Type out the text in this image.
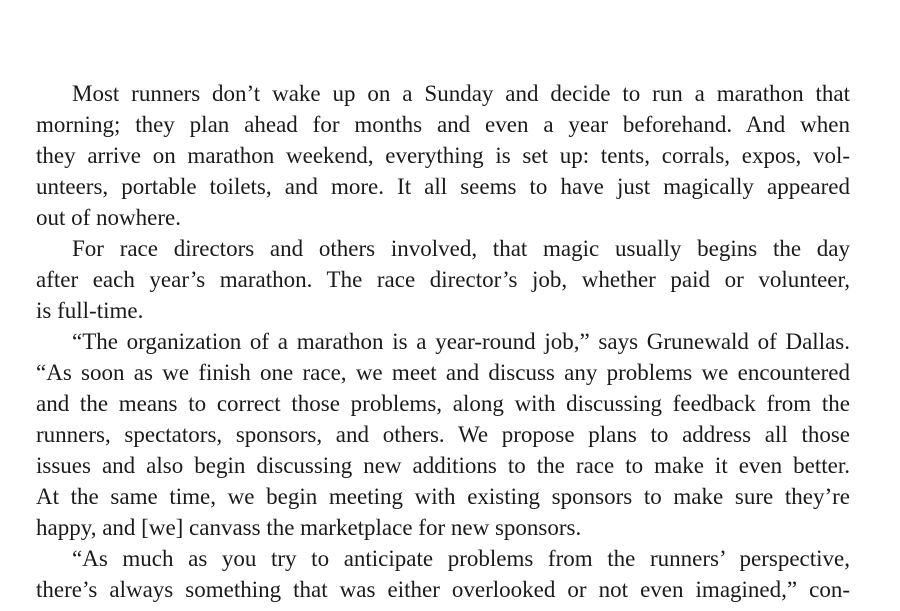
Most runners don’t wake up on a Sunday and decide to run a marathon that
morning; they plan ahead for months and even a year beforehand. And when
they arrive on marathon weekend, everything is set up: tents, corrals, expos, vol-
unteers, portable toilets, and more. It all seems to have just magically appeared
out of nowhere.

For race directors and others involved, that magic usually begins the day
after each year’s marathon. The race director’s job, whether paid or volunteer,
is full-time.

“The organization of a marathon is a year-round job,” says Grunewald of Dallas.
“As soon as we finish one race, we meet and discuss any problems we encountered
and the means to correct those problems, along with discussing feedback from the
runners, spectators, sponsors, and others. We propose plans to address all those
issues and also begin discussing new additions to the race to make it even better.
At the same time, we begin meeting with existing sponsors to make sure they’re
happy, and [we] canvass the marketplace for new sponsors.

“As much as you try to anticipate problems from the runners’ perspective,
there’s always something that was either overlooked or not even imagined,” con-
